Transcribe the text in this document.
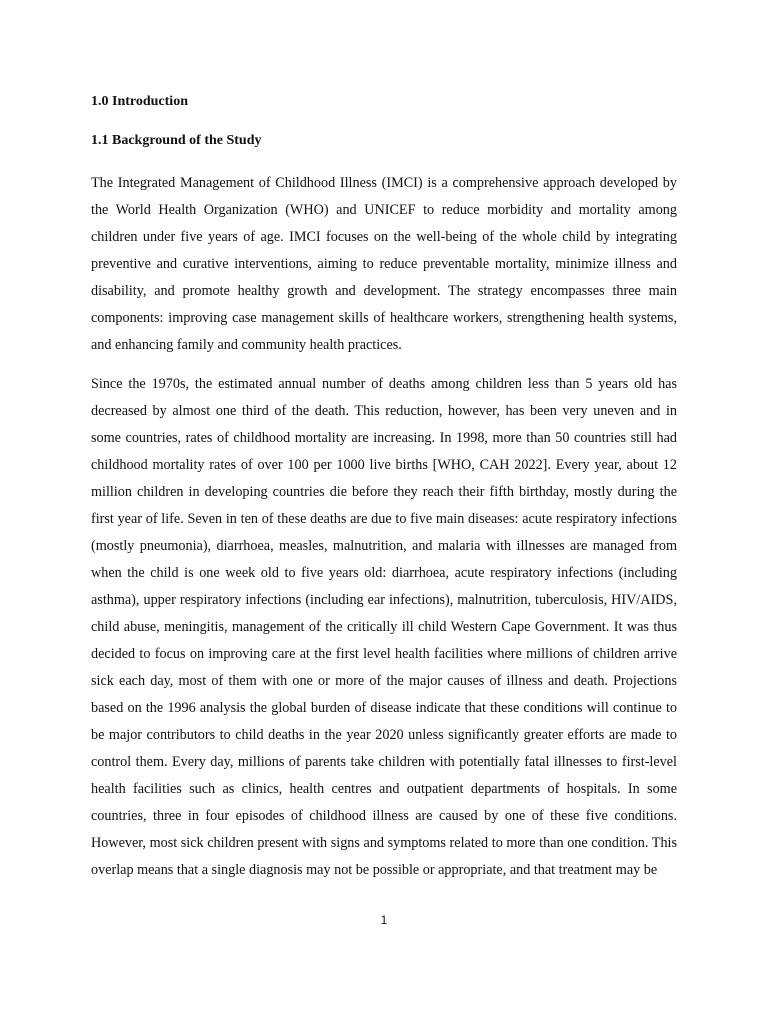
1.0 Introduction

1.1 Background of the Study

The Integrated Management of Childhood Illness (IMCI) is a comprehensive approach developed by the World Health Organization (WHO) and UNICEF to reduce morbidity and mortality among children under five years of age. IMCI focuses on the well-being of the whole child by integrating preventive and curative interventions, aiming to reduce preventable mortality, minimize illness and disability, and promote healthy growth and development. The strategy encompasses three main components: improving case management skills of healthcare workers, strengthening health systems, and enhancing family and community health practices.

Since the 1970s, the estimated annual number of deaths among children less than 5 years old has decreased by almost one third of the death. This reduction, however, has been very uneven and in some countries, rates of childhood mortality are increasing. In 1998, more than 50 countries still had childhood mortality rates of over 100 per 1000 live births [WHO, CAH 2022]. Every year, about 12 million children in developing countries die before they reach their fifth birthday, mostly during the first year of life. Seven in ten of these deaths are due to five main diseases: acute respiratory infections (mostly pneumonia), diarrhoea, measles, malnutrition, and malaria with illnesses are managed from when the child is one week old to five years old: diarrhoea, acute respiratory infections (including asthma), upper respiratory infections (including ear infections), malnutrition, tuberculosis, HIV/AIDS, child abuse, meningitis, management of the critically ill child Western Cape Government. It was thus decided to focus on improving care at the first level health facilities where millions of children arrive sick each day, most of them with one or more of the major causes of illness and death. Projections based on the 1996 analysis the global burden of disease indicate that these conditions will continue to be major contributors to child deaths in the year 2020 unless significantly greater efforts are made to control them. Every day, millions of parents take children with potentially fatal illnesses to first-level health facilities such as clinics, health centres and outpatient departments of hospitals. In some countries, three in four episodes of childhood illness are caused by one of these five conditions. However, most sick children present with signs and symptoms related to more than one condition. This overlap means that a single diagnosis may not be possible or appropriate, and that treatment may be

1
